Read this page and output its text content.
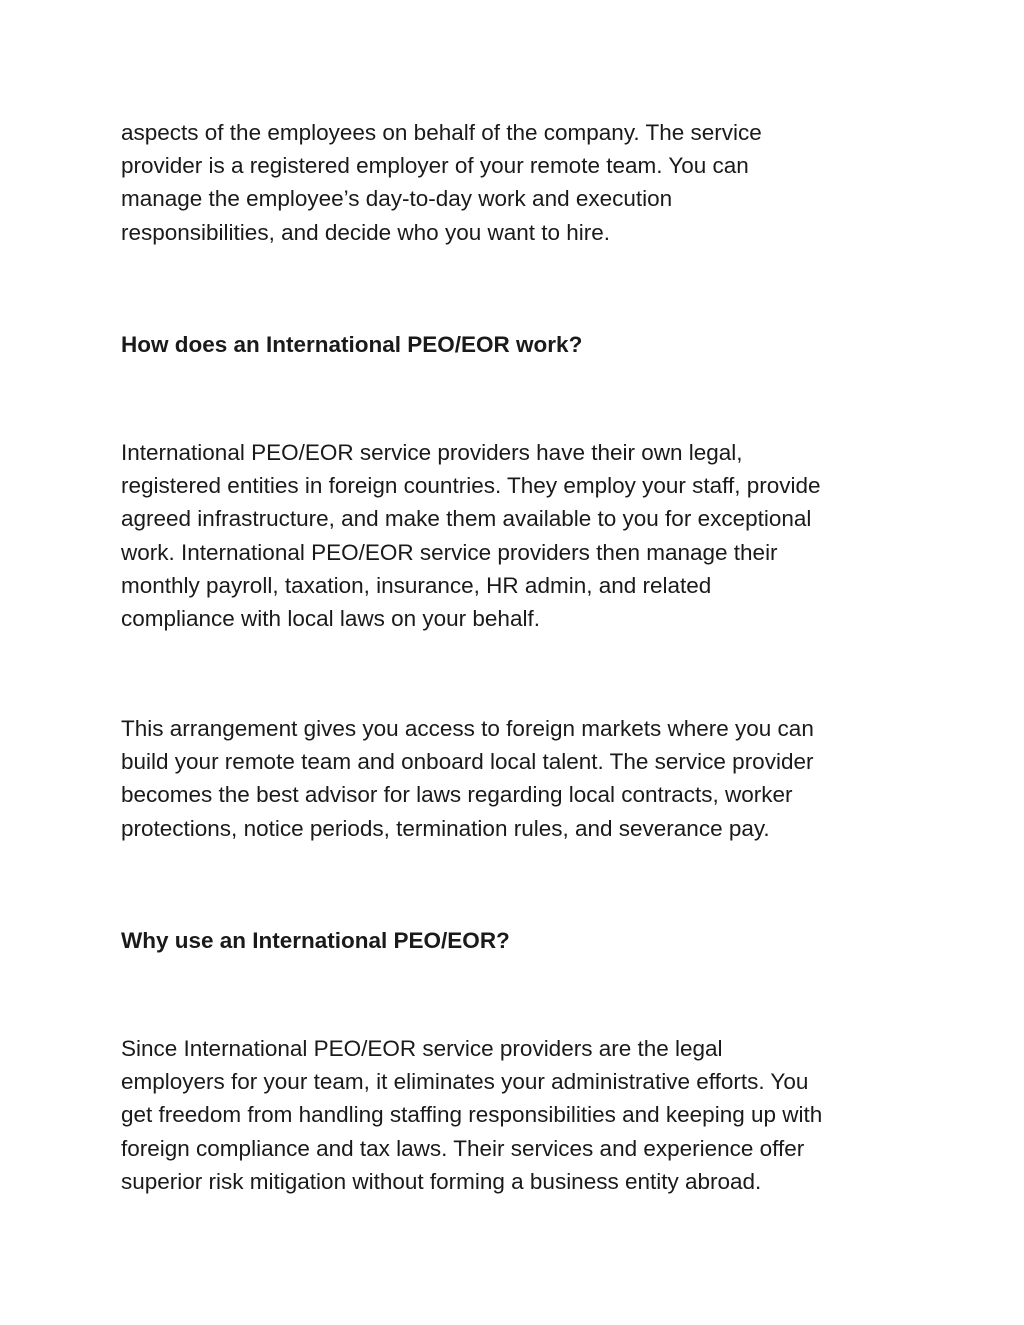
aspects of the employees on behalf of the company. The service
provider is a registered employer of your remote team. You can
manage the employee’s day-to-day work and execution
responsibilities, and decide who you want to hire.

How does an International PEO/EOR work?

International PEO/EOR service providers have their own legal,
registered entities in foreign countries. They employ your staff, provide
agreed infrastructure, and make them available to you for exceptional
work. International PEO/EOR service providers then manage their
monthly payroll, taxation, insurance, HR admin, and related
compliance with local laws on your behalf.

This arrangement gives you access to foreign markets where you can
build your remote team and onboard local talent. The service provider
becomes the best advisor for laws regarding local contracts, worker
protections, notice periods, termination rules, and severance pay.

Why use an International PEO/EOR?

Since International PEO/EOR service providers are the legal
employers for your team, it eliminates your administrative efforts. You
get freedom from handling staffing responsibilities and keeping up with
foreign compliance and tax laws. Their services and experience offer
superior risk mitigation without forming a business entity abroad.
